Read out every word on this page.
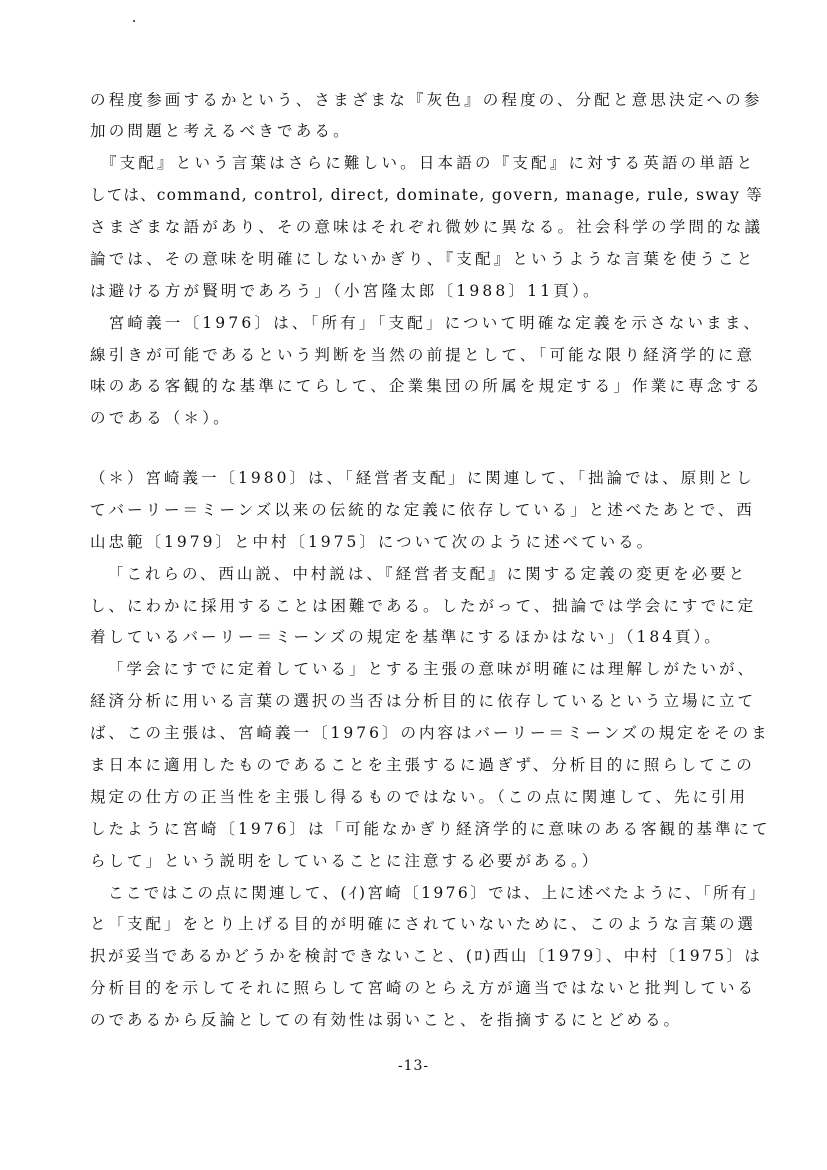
の程度参画するかという、さまざまな『灰色』の程度の、分配と意思決定への参
加の問題と考えるべきである。
　『支配』という言葉はさらに難しい。日本語の『支配』に対する英語の単語と
しては、command, control, direct, dominate, govern, manage, rule, sway 等
さまざまな語があり、その意味はそれぞれ微妙に異なる。社会科学の学問的な議
論では、その意味を明確にしないかぎり、『支配』というような言葉を使うこと
は避ける方が賢明であろう」（小宮隆太郎〔1988〕11頁）。
　宮崎義一〔1976〕は、「所有」「支配」について明確な定義を示さないまま、
線引きが可能であるという判断を当然の前提として、「可能な限り経済学的に意
味のある客観的な基準にてらして、企業集団の所属を規定する」作業に専念する
のである（＊）。
（＊）宮崎義一〔1980〕は、「経営者支配」に関連して、「拙論では、原則とし
てバーリー＝ミーンズ以来の伝統的な定義に依存している」と述べたあとで、西
山忠範〔1979〕と中村〔1975〕について次のように述べている。
「これらの、西山説、中村説は、『経営者支配』に関する定義の変更を必要と
し、にわかに採用することは困難である。したがって、拙論では学会にすでに定
着しているバーリー＝ミーンズの規定を基準にするほかはない」（184頁）。
「学会にすでに定着している」とする主張の意味が明確には理解しがたいが、
経済分析に用いる言葉の選択の当否は分析目的に依存しているという立場に立て
ば、この主張は、宮崎義一〔1976〕の内容はバーリー＝ミーンズの規定をそのま
ま日本に適用したものであることを主張するに過ぎず、分析目的に照らしてこの
規定の仕方の正当性を主張し得るものではない。（この点に関連して、先に引用
したように宮崎〔1976〕は「可能なかぎり経済学的に意味のある客観的基準にて
らして」という説明をしていることに注意する必要がある。）
ここではこの点に関連して、(ｲ)宮崎〔1976〕では、上に述べたように、「所有」
と「支配」をとり上げる目的が明確にされていないために、このような言葉の選
択が妥当であるかどうかを検討できないこと、(ﾛ)西山〔1979〕、中村〔1975〕は
分析目的を示してそれに照らして宮崎のとらえ方が適当ではないと批判している
のであるから反論としての有効性は弱いこと、を指摘するにとどめる。
-13-
